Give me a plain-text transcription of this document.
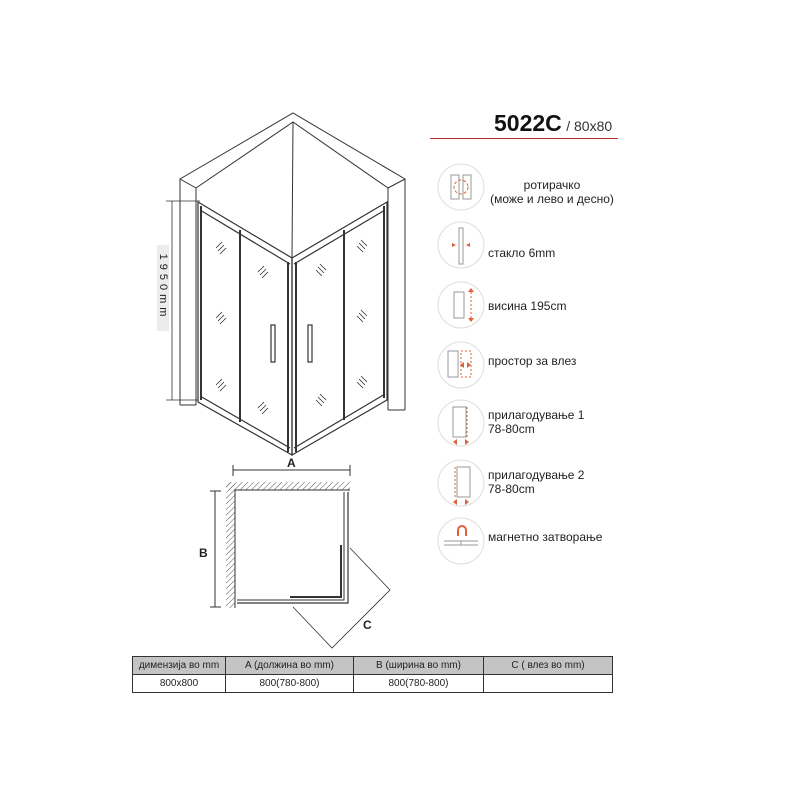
1950mm
A
B
C
5022C / 80x80
ротирачко
(може и лево и десно)
стакло 6mm
висина 195cm
простор за влез
прилагодување 1
78-80cm
прилагодување 2
78-80cm
магнетно затворање
димензија во mm	A (должина во mm)	B (ширина во mm)	C ( влез во mm)
800x800	800(780-800)	800(780-800)	
